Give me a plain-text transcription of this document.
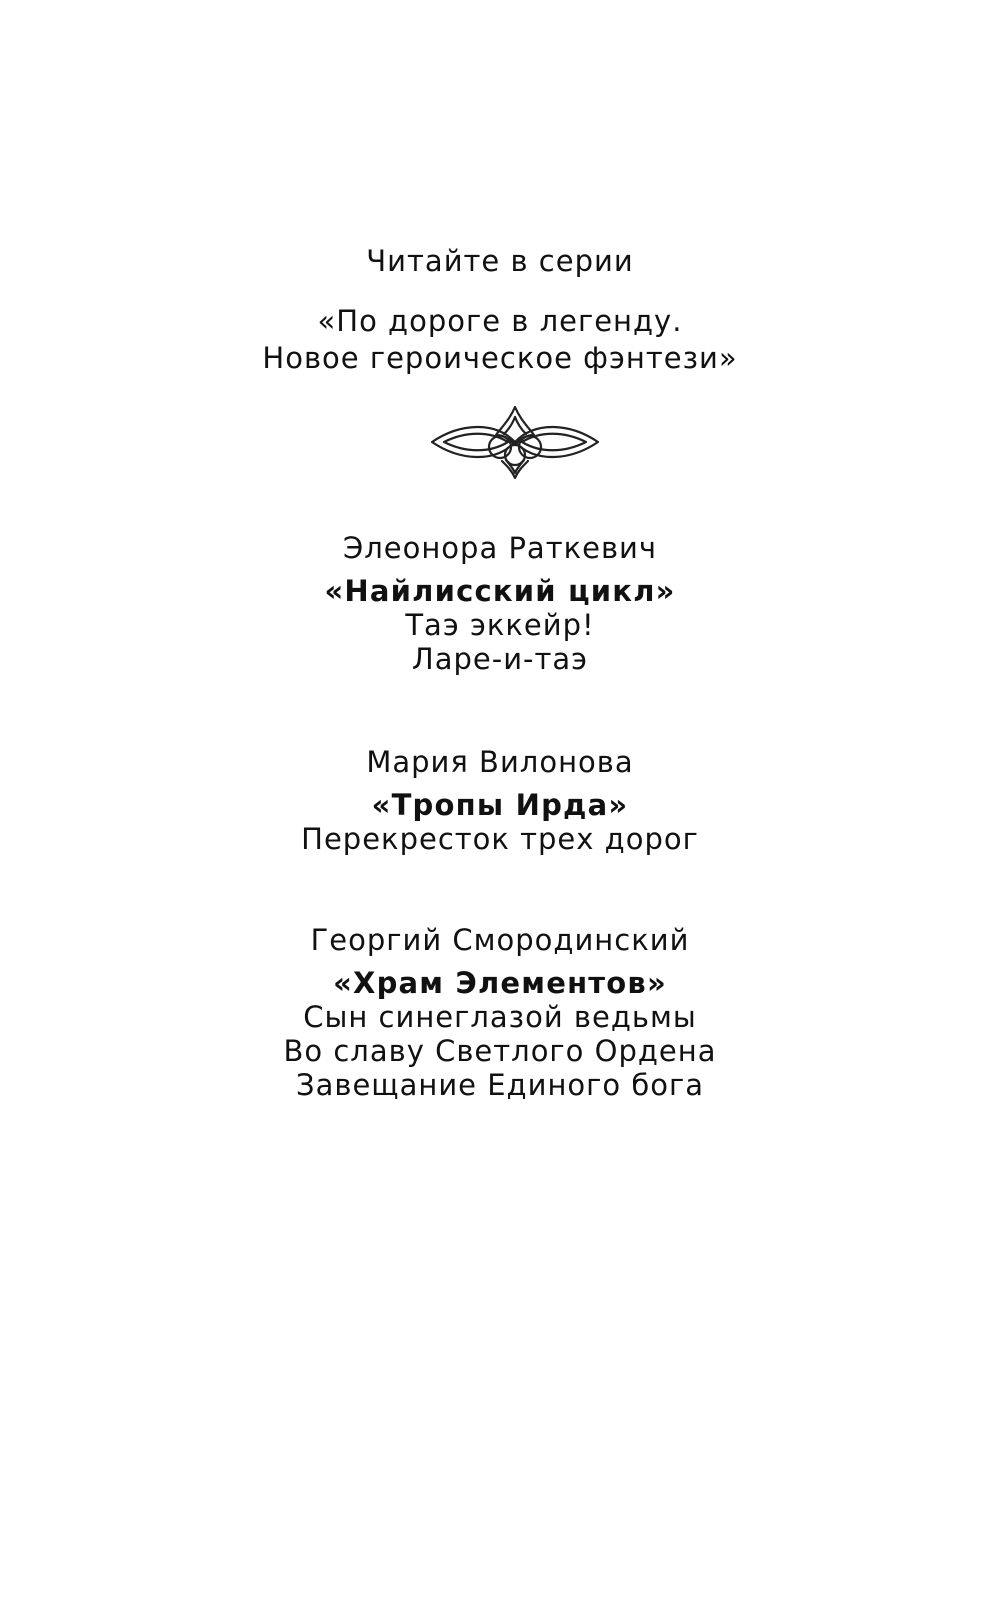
Читайте в серии
«По дороге в легенду.
Новое героическое фэнтези»
Элеонора Раткевич
«Найлисский цикл»
Таэ эккейр!
Ларе-и-таэ
Мария Вилонова
«Тропы Ирда»
Перекресток трех дорог
Георгий Смородинский
«Храм Элементов»
Сын синеглазой ведьмы
Во славу Светлого Ордена
Завещание Единого бога
